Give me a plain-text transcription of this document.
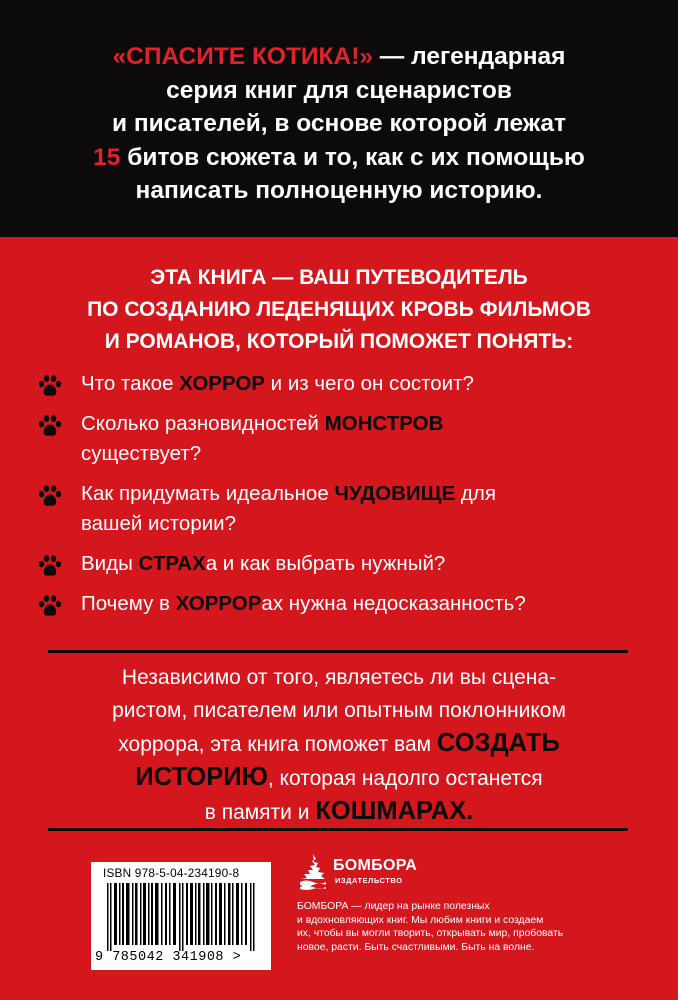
«СПАСИТЕ КОТИКА!» — легендарная
серия книг для сценаристов
и писателей, в основе которой лежат
15 битов сюжета и то, как с их помощью
написать полноценную историю.
ЭТА КНИГА — ВАШ ПУТЕВОДИТЕЛЬ
ПО СОЗДАНИЮ ЛЕДЕНЯЩИХ КРОВЬ ФИЛЬМОВ
И РОМАНОВ, КОТОРЫЙ ПОМОЖЕТ ПОНЯТЬ:
Что такое ХОРРОР и из чего он состоит?
Сколько разновидностей МОНСТРОВ существует?
Как придумать идеальное ЧУДОВИЩЕ для вашей истории?
Виды СТРАХа и как выбрать нужный?
Почему в ХОРРОРах нужна недосказанность?
Независимо от того, являетесь ли вы сцена-
ристом, писателем или опытным поклонником
хоррора, эта книга поможет вам СОЗДАТЬ
ИСТОРИЮ, которая надолго останется
в памяти и КОШМАРАХ.
ISBN 978-5-04-234190-8
9 785042 341908 >
БОМБОРА
ИЗДАТЕЛЬСТВО
БОМБОРА — лидер на рынке полезных
и вдохновляющих книг. Мы любим книги и создаем
их, чтобы вы могли творить, открывать мир, пробовать
новое, расти. Быть счастливыми. Быть на волне.
